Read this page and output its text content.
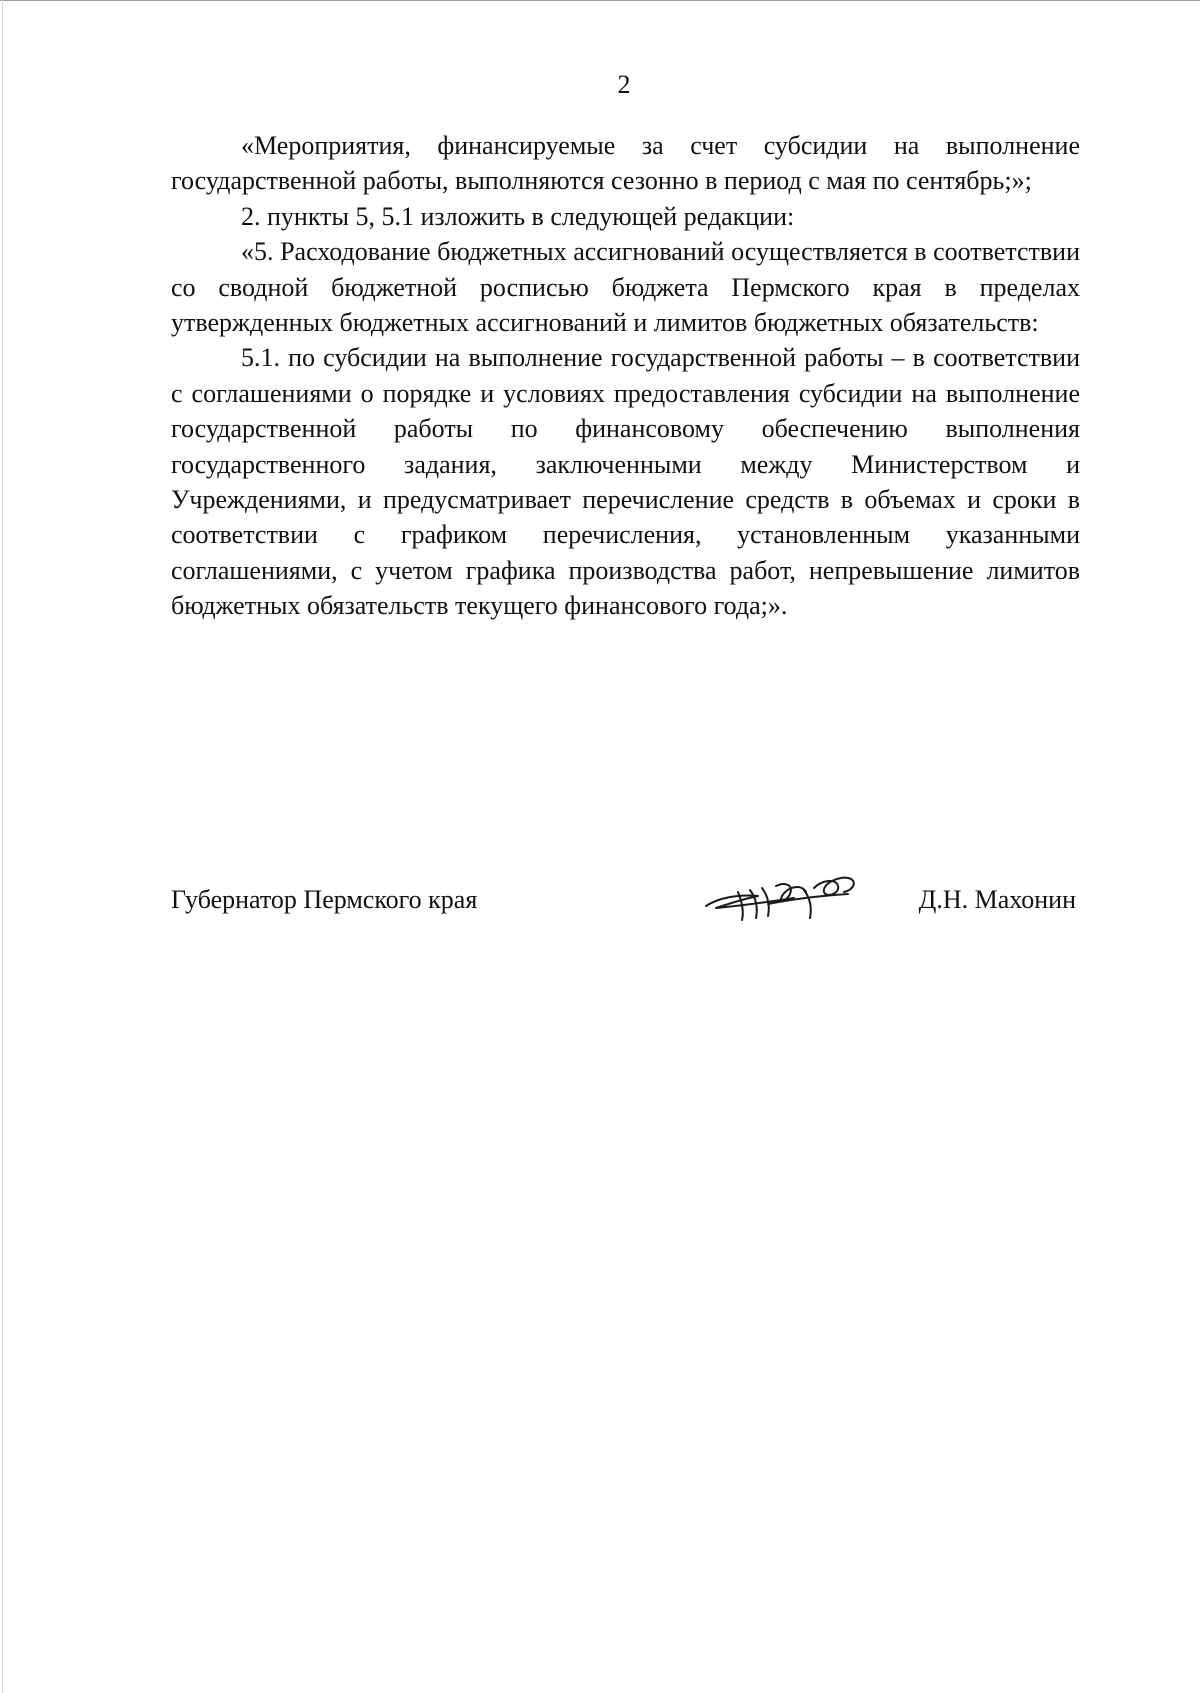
2

«Мероприятия, финансируемые за счет субсидии на выполнение государственной работы, выполняются сезонно в период с мая по сентябрь;»;

2. пункты 5, 5.1 изложить в следующей редакции:

«5. Расходование бюджетных ассигнований осуществляется в соответствии со сводной бюджетной росписью бюджета Пермского края в пределах утвержденных бюджетных ассигнований и лимитов бюджетных обязательств:

5.1. по субсидии на выполнение государственной работы – в соответствии с соглашениями о порядке и условиях предоставления субсидии на выполнение государственной работы по финансовому обеспечению выполнения государственного задания, заключенными между Министерством и Учреждениями, и предусматривает перечисление средств в объемах и сроки в соответствии с графиком перечисления, установленным указанными соглашениями, с учетом графика производства работ, непревышение лимитов бюджетных обязательств текущего финансового года;».

Губернатор Пермского края	Д.Н. Махонин
